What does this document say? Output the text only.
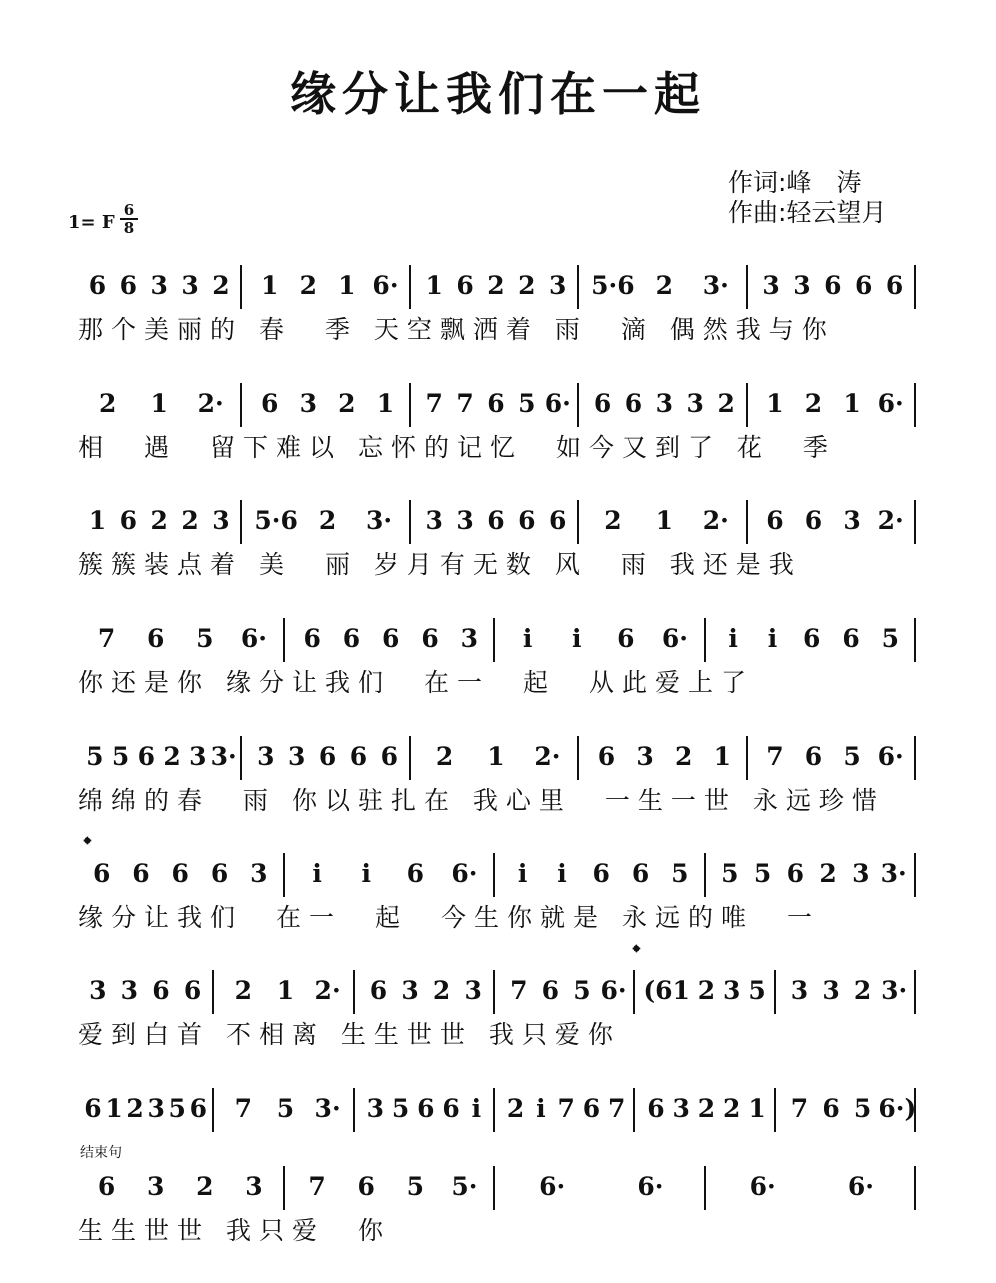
缘分让我们在一起
作词:峰　涛
作曲:轻云望月
1= F
6
8
𝄌
𝄌
结束句
6 6 3 3 2	1 2 1 6· 1 6 2 2 3 5·6 2	3·	3 3 6 6 6
那个美丽的 春　季 天空飘洒着 雨　滴 偶然我与你
2	1	2·	6 3 2 1	7 7 6 5 6· 6 6 3 3 2	1 2 1 6·
相　遇　留下难以 忘怀的记忆　如今又到了 花　季
1 6 2 2 3 5·6 2	3·	3 3 6 6 6	2	1	2·	6 6 3 2·
簇簇装点着 美　丽 岁月有无数 风　雨 我还是我
7	6	5	6·	6 6 6 6 3	i	i	6	6·	i	i	6 6 5
你还是你 缘分让我们　在一　起　从此爱上了
5 5 6 2 3 3· 3 3 6 6 6	2	1	2·	6 3 2 1	7 6 5 6·
绵绵的春　雨 你以驻扎在 我心里　一生一世 永远珍惜
6 6 6 6 3	i	i	6	6·	i	i	6 6 5	5 5 6 2 3 3·
缘分让我们　在一　起　今生你就是 永远的唯　一
3 3 6 6	2 1 2·	6 3 2 3 7 6 5 6· (6 1 2 3 5 3 3 2 3·
爱到白首 不相离 生生世世 我只爱你
6 1 2 3 5 6	7 5 3·	3 5 6 6 i	2 i 7 6 7 6 3 2 2 1 7 6 5 6·)
6	3	2	3	7	6	5	5·	6·	6·	6·	6·
生生世世 我只爱　你
